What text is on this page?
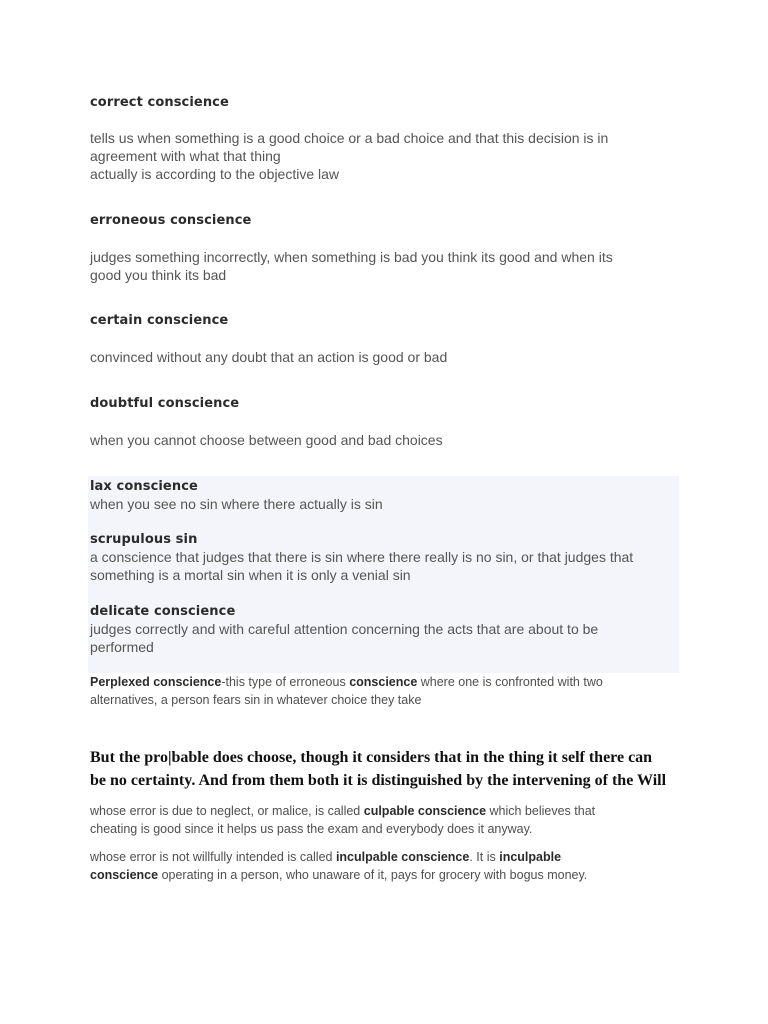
correct conscience
tells us when something is a good choice or a bad choice and that this decision is in
agreement with what that thing
actually is according to the objective law
erroneous conscience
judges something incorrectly, when something is bad you think its good and when its
good you think its bad
certain conscience
convinced without any doubt that an action is good or bad
doubtful conscience
when you cannot choose between good and bad choices
lax conscience
when you see no sin where there actually is sin
scrupulous sin
a conscience that judges that there is sin where there really is no sin, or that judges that
something is a mortal sin when it is only a venial sin
delicate conscience
judges correctly and with careful attention concerning the acts that are about to be
performed
Perplexed conscience-this type of erroneous conscience where one is confronted with two
alternatives, a person fears sin in whatever choice they take
But the pro|bable does choose, though it considers that in the thing it self there can
be no certainty. And from them both it is distinguished by the intervening of the Will
whose error is due to neglect, or malice, is called culpable conscience which believes that
cheating is good since it helps us pass the exam and everybody does it anyway.
whose error is not willfully intended is called inculpable conscience. It is inculpable
conscience operating in a person, who unaware of it, pays for grocery with bogus money.
